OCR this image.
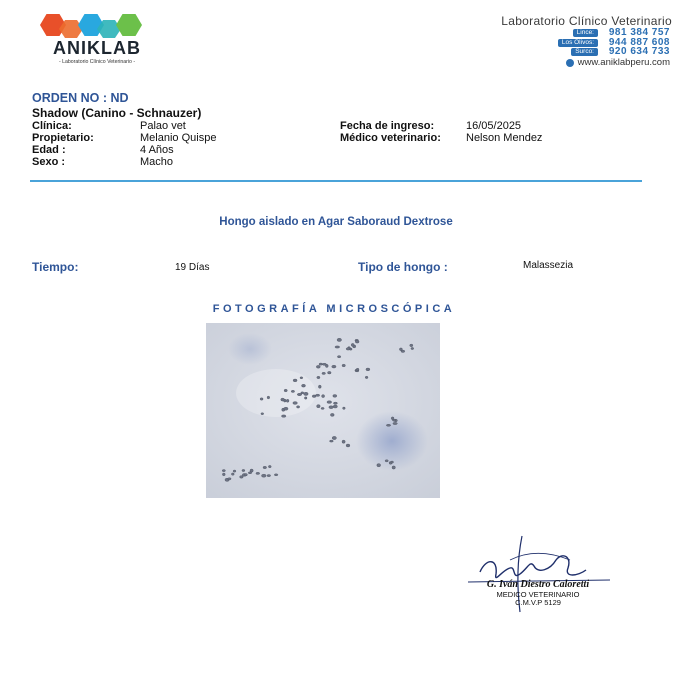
ANIKLAB
- Laboratorio Clínico Veterinario -
Laboratorio Clínico Veterinario
Lince:	981 384 757
Los Olivos:	944 887 608
Surco:	920 634 733
www.aniklabperu.com
ORDEN NO : ND
Shadow (Canino - Schnauzer)
Clínica:	Palao vet
Propietario:	Melanio Quispe
Edad :	4 Años
Sexo :	Macho
Fecha de ingreso:	16/05/2025
Médico veterinario: Nelson Mendez
Hongo aislado en Agar Saboraud Dextrose
Tiempo:	19 Días	Tipo de hongo :	Malassezia
FOTOGRAFÍA MICROSCÓPICA
G. Iván Diestro Caloretti
MEDICO VETERINARIO
C.M.V.P 5129
